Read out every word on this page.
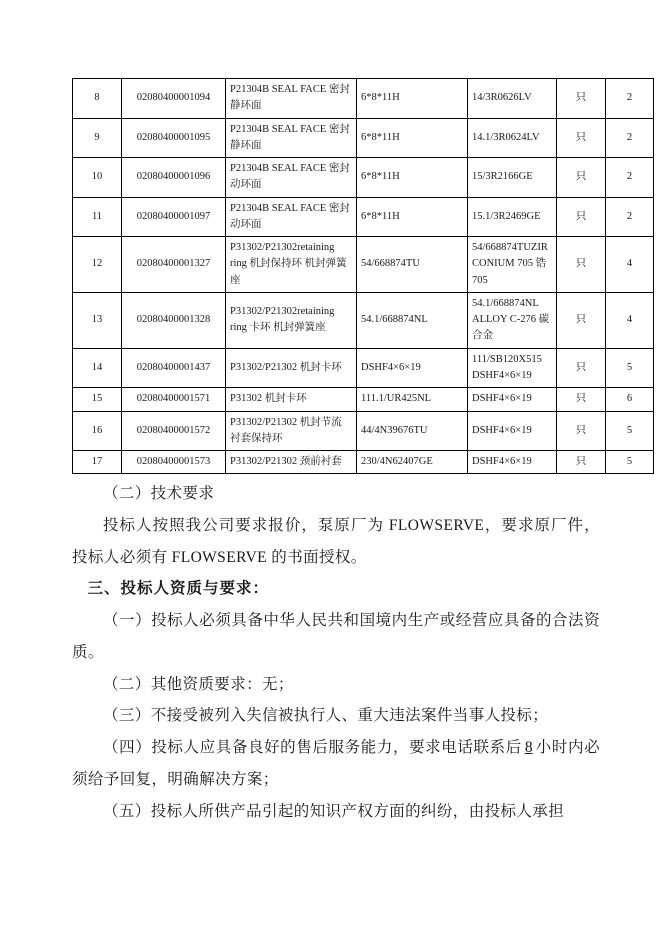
8	02080400001094	P21304B SEAL FACE 密封静环面	6*8*11H	14/3R0626LV	只	2
9	02080400001095	P21304B SEAL FACE 密封静环面	6*8*11H	14.1/3R0624LV	只	2
10	02080400001096	P21304B SEAL FACE 密封动环面	6*8*11H	15/3R2166GE	只	2
11	02080400001097	P21304B SEAL FACE 密封动环面	6*8*11H	15.1/3R2469GE	只	2
12	02080400001327	P31302/P21302retaining ring 机封保持环 机封弹簧座	54/668874TU	54/668874TUZIRCONIUM 705 锆705	只	4
13	02080400001328	P31302/P21302retaining ring 卡环 机封弹簧座	54.1/668874NL	54.1/668874NL ALLOY C-276 碳合金	只	4
14	02080400001437	P31302/P21302 机封卡环	DSHF4×6×19	111/SB120X515 DSHF4×6×19	只	5
15	02080400001571	P31302 机封卡环	111.1/UR425NL	DSHF4×6×19	只	6
16	02080400001572	P31302/P21302 机封节流衬套保持环	44/4N39676TU	DSHF4×6×19	只	5
17	02080400001573	P31302/P21302 颈前衬套	230/4N62407GE	DSHF4×6×19	只	5

（二）技术要求

投标人按照我公司要求报价，泵原厂为 FLOWSERVE，要求原厂件，投标人必须有 FLOWSERVE 的书面授权。

三、投标人资质与要求：

（一）投标人必须具备中华人民共和国境内生产或经营应具备的合法资质。

（二）其他资质要求：无；

（三）不接受被列入失信被执行人、重大违法案件当事人投标；

（四）投标人应具备良好的售后服务能力，要求电话联系后 8 小时内必须给予回复，明确解决方案；

（五）投标人所供产品引起的知识产权方面的纠纷，由投标人承担
